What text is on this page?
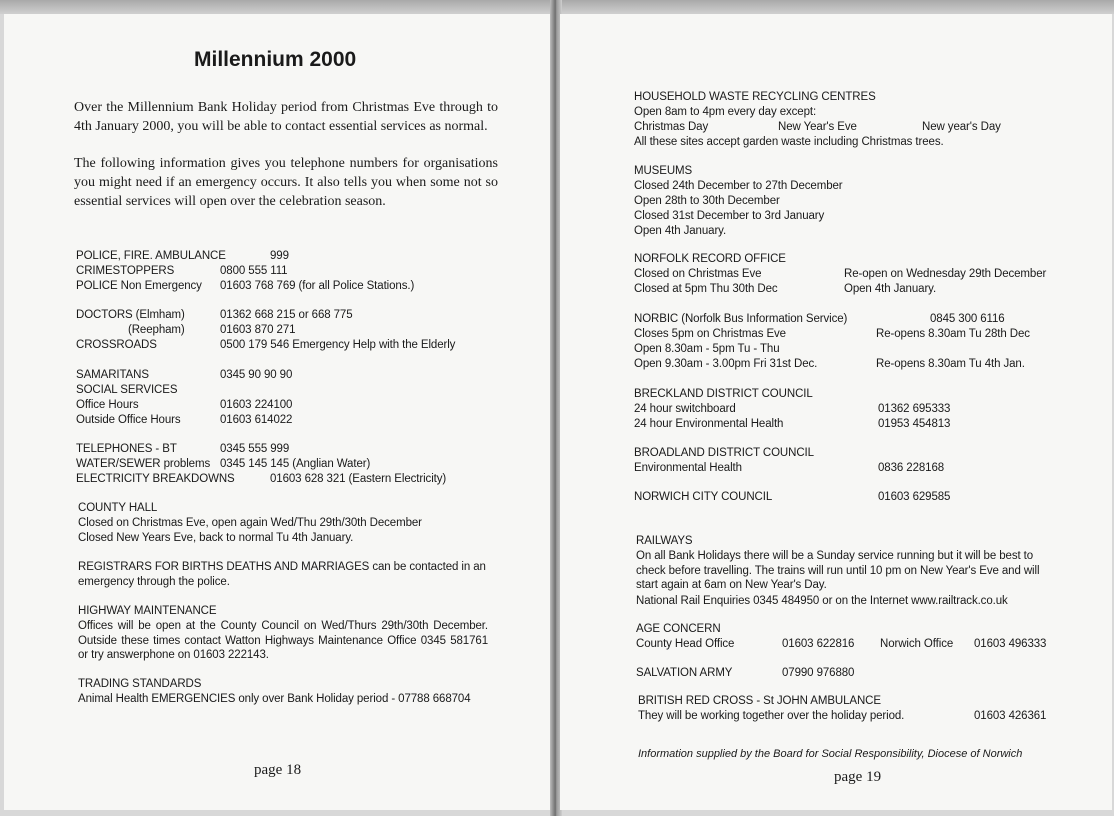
Millennium 2000
Over the Millennium Bank Holiday period from Christmas Eve through to 4th January 2000, you will be able to contact essential services as normal.
The following information gives you telephone numbers for organisations you might need if an emergency occurs. It also tells you when some not so essential services will open over the celebration season.
POLICE, FIRE. AMBULANCE	999
CRIMESTOPPERS	0800 555 111
POLICE Non Emergency 01603 768 769 (for all Police Stations.)
DOCTORS (Elmham)	01362 668 215 or 668 775
(Reepham)	01603 870 271
CROSSROADS	0500 179 546 Emergency Help with the Elderly
SAMARITANS	0345 90 90 90
SOCIAL SERVICES
Office Hours	01603 224100
Outside Office Hours	01603 614022
TELEPHONES - BT	0345 555 999
WATER/SEWER problems 0345 145 145 (Anglian Water)
ELECTRICITY BREAKDOWNS	01603 628 321 (Eastern Electricity)
COUNTY HALL
Closed on Christmas Eve, open again Wed/Thu 29th/30th December
Closed New Years Eve, back to normal Tu 4th January.
REGISTRARS FOR BIRTHS DEATHS AND MARRIAGES can be contacted in an emergency through the police.
HIGHWAY MAINTENANCE
Offices will be open at the County Council on Wed/Thurs 29th/30th December. Outside these times contact Watton Highways Maintenance Office 0345 581761 or try answerphone on 01603 222143.
TRADING STANDARDS
Animal Health EMERGENCIES only over Bank Holiday period - 07788 668704
page 18
HOUSEHOLD WASTE RECYCLING CENTRES
Open 8am to 4pm every day except:
Christmas Day	New Year's Eve	New year's Day
All these sites accept garden waste including Christmas trees.
MUSEUMS
Closed 24th December to 27th December
Open 28th to 30th December
Closed 31st December to 3rd January
Open 4th January.
NORFOLK RECORD OFFICE
Closed on Christmas Eve	Re-open on Wednesday 29th December
Closed at 5pm Thu 30th Dec	Open 4th January.
NORBIC (Norfolk Bus Information Service)	0845 300 6116
Closes 5pm on Christmas Eve	Re-opens 8.30am Tu 28th Dec
Open 8.30am - 5pm Tu - Thu
Open 9.30am - 3.00pm Fri 31st Dec.	Re-opens 8.30am Tu 4th Jan.
BRECKLAND DISTRICT COUNCIL
24 hour switchboard	01362 695333
24 hour Environmental Health	01953 454813
BROADLAND DISTRICT COUNCIL
Environmental Health	0836 228168
NORWICH CITY COUNCIL	01603 629585
RAILWAYS
On all Bank Holidays there will be a Sunday service running but it will be best to check before travelling. The trains will run until 10 pm on New Year's Eve and will start again at 6am on New Year's Day.
National Rail Enquiries 0345 484950 or on the Internet www.railtrack.co.uk
AGE CONCERN
County Head Office	01603 622816 Norwich Office 01603 496333
SALVATION ARMY	07990 976880
BRITISH RED CROSS - St JOHN AMBULANCE
They will be working together over the holiday period.	01603 426361
Information supplied by the Board for Social Responsibility, Diocese of Norwich
page 19
